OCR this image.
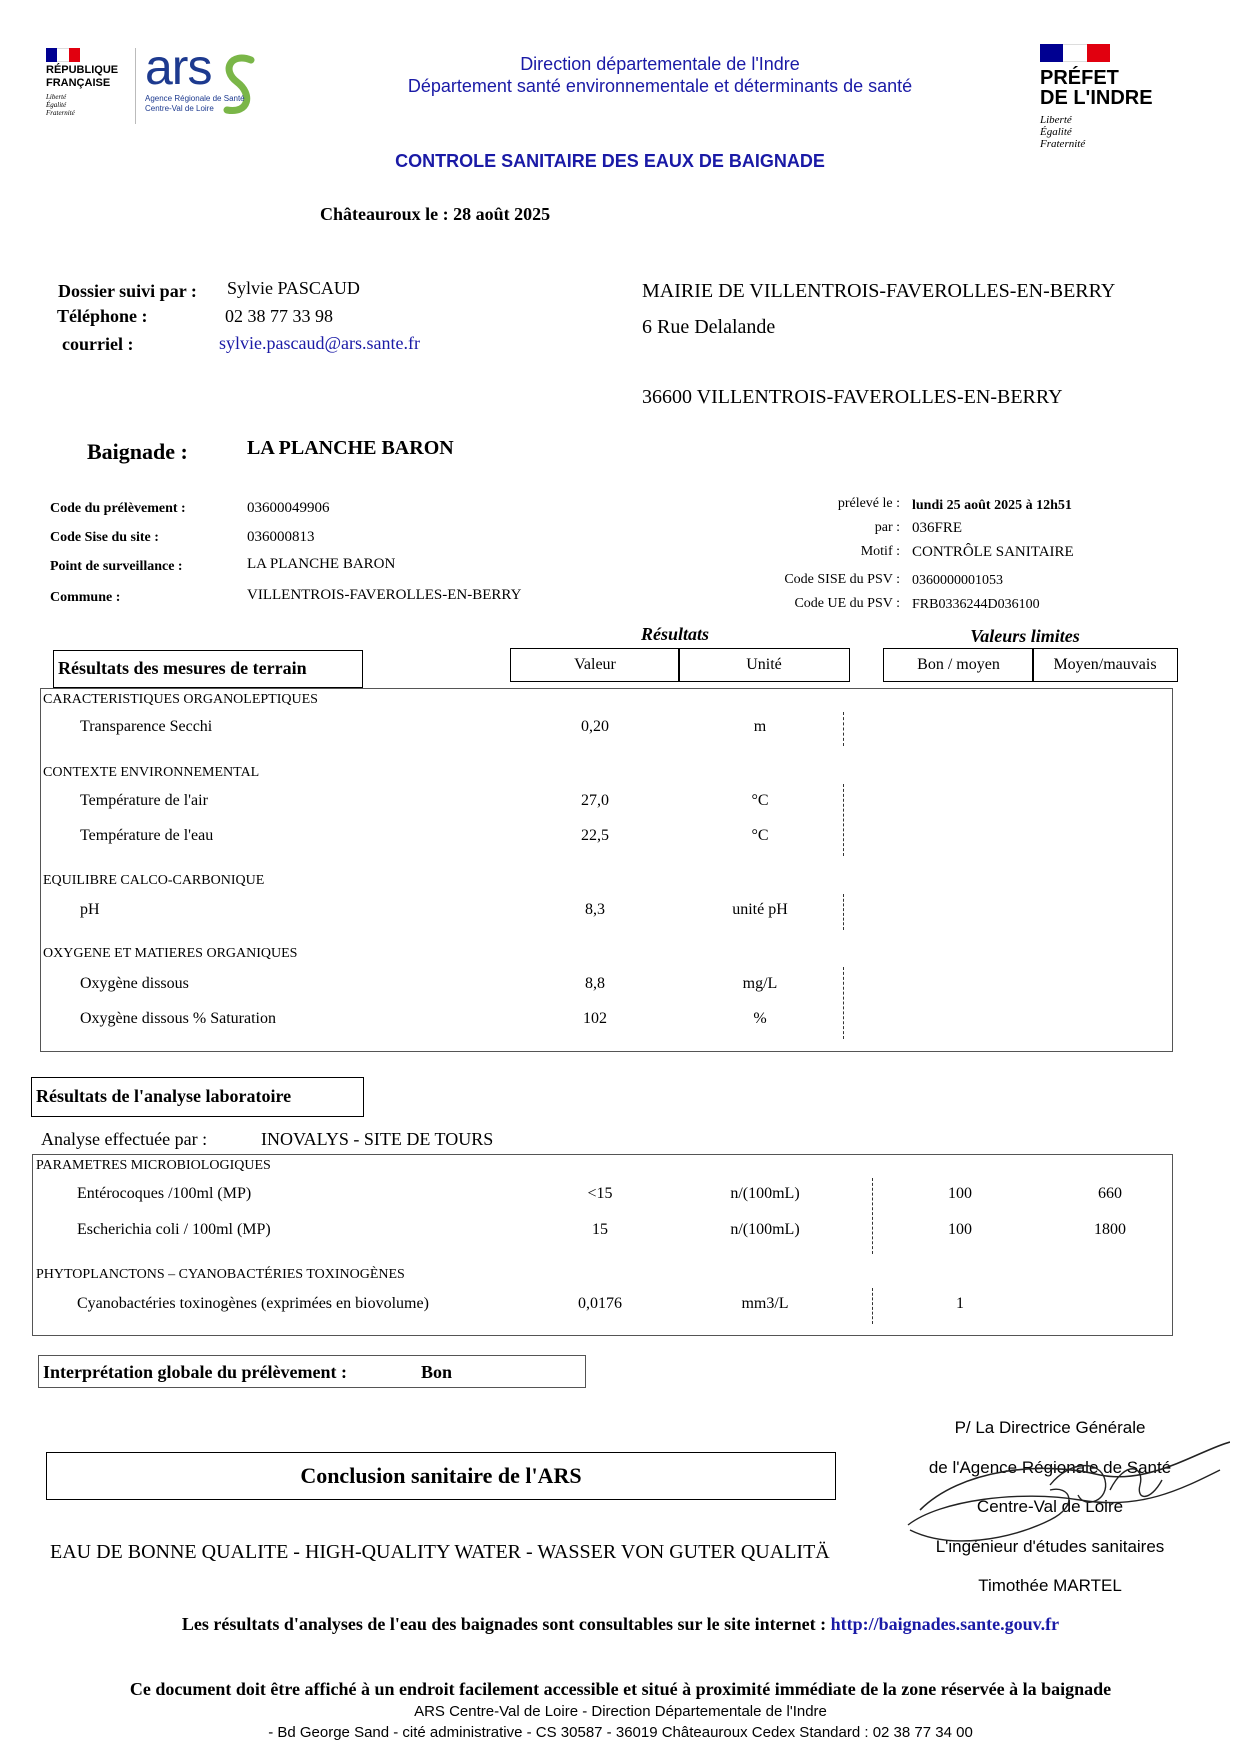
RÉPUBLIQUE
FRANÇAISE
Liberté
Égalité
Fraternité
ars
Agence Régionale de Santé
Centre-Val de Loire
Direction départementale de l'Indre
Département santé environnementale et déterminants de santé	PRÉFET
DE L'INDRE
Liberté
Égalité
Fraternité
CONTROLE SANITAIRE DES EAUX DE BAIGNADE
Châteauroux le : 28 août 2025
Dossier suivi par : Sylvie PASCAUD
Téléphone :	02 38 77 33 98
courriel :	sylvie.pascaud@ars.sante.fr
MAIRIE DE VILLENTROIS-FAVEROLLES-EN-BERRY
6 Rue Delalande
36600 VILLENTROIS-FAVEROLLES-EN-BERRY
Baignade :	LA PLANCHE BARON
Code du prélèvement :	03600049906
Code Sise du site :	036000813
Point de surveillance :	LA PLANCHE BARON
Commune :	VILLENTROIS-FAVEROLLES-EN-BERRY
prélevé le : lundi 25 août 2025 à 12h51
par : 036FRE
Motif : CONTRÔLE SANITAIRE
Code SISE du PSV : 0360000001053
Code UE du PSV : FRB0336244D036100
Résultats	Valeurs limites
Valeur	Unité	Bon / moyen	Moyen/mauvais
Résultats des mesures de terrain
CARACTERISTIQUES ORGANOLEPTIQUES
Transparence Secchi	0,20	m
CONTEXTE ENVIRONNEMENTAL
Température de l'air	27,0	°C
Température de l'eau	22,5	°C
EQUILIBRE CALCO-CARBONIQUE
pH	8,3	unité pH
OXYGENE ET MATIERES ORGANIQUES
Oxygène dissous	8,8	mg/L
Oxygène dissous % Saturation	102	%
Résultats de l'analyse laboratoire
Analyse effectuée par :	INOVALYS - SITE DE TOURS
PARAMETRES MICROBIOLOGIQUES
Entérocoques /100ml (MP)	<15	n/(100mL)	100	660
Escherichia coli / 100ml (MP)	15	n/(100mL)	100	1800
PHYTOPLANCTONS – CYANOBACTÉRIES TOXINOGÈNES
Cyanobactéries toxinogènes (exprimées en biovolume)	0,0176	mm3/L	1
Interprétation globale du prélèvement :	Bon
Conclusion sanitaire de l'ARS
EAU DE BONNE QUALITE - HIGH-QUALITY WATER - WASSER VON GUTER QUALITÄ
P/ La Directrice Générale
de l'Agence Régionale de Santé
Centre-Val de Loire
L'ingénieur d'études sanitaires
Timothée MARTEL
Les résultats d'analyses de l'eau des baignades sont consultables sur le site internet : http://baignades.sante.gouv.fr
Ce document doit être affiché à un endroit facilement accessible et situé à proximité immédiate de la zone réservée à la baignade
ARS Centre-Val de Loire - Direction Départementale de l'Indre
- Bd George Sand - cité administrative - CS 30587 - 36019 Châteauroux Cedex Standard : 02 38 77 34 00
